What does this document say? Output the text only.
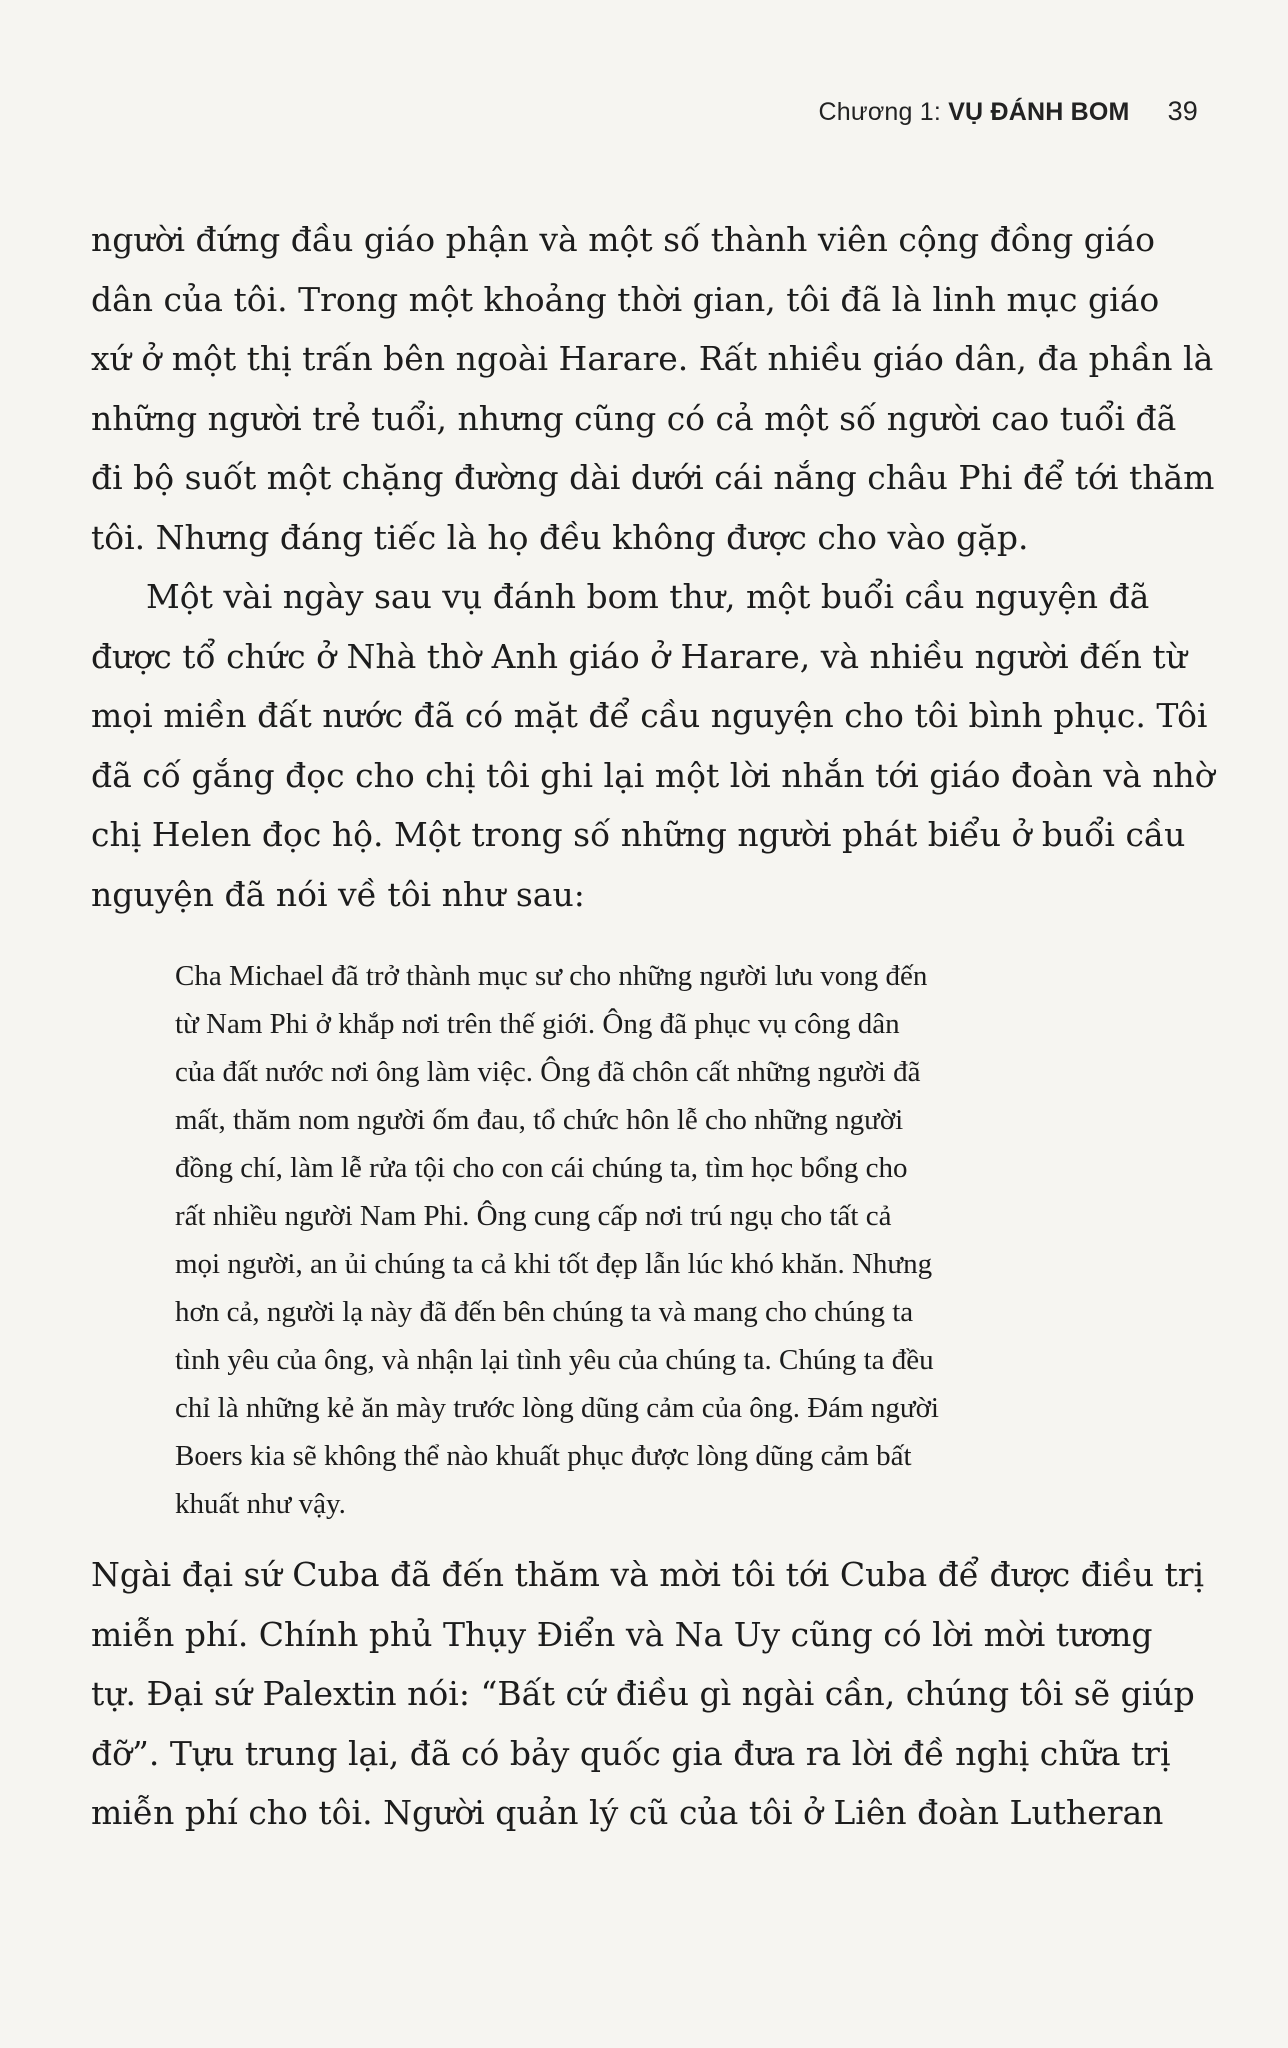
Chương 1: VỤ ĐÁNH BOM 39
người đứng đầu giáo phận và một số thành viên cộng đồng giáo
dân của tôi. Trong một khoảng thời gian, tôi đã là linh mục giáo
xứ ở một thị trấn bên ngoài Harare. Rất nhiều giáo dân, đa phần là
những người trẻ tuổi, nhưng cũng có cả một số người cao tuổi đã
đi bộ suốt một chặng đường dài dưới cái nắng châu Phi để tới thăm
tôi. Nhưng đáng tiếc là họ đều không được cho vào gặp.
Một vài ngày sau vụ đánh bom thư, một buổi cầu nguyện đã
được tổ chức ở Nhà thờ Anh giáo ở Harare, và nhiều người đến từ
mọi miền đất nước đã có mặt để cầu nguyện cho tôi bình phục. Tôi
đã cố gắng đọc cho chị tôi ghi lại một lời nhắn tới giáo đoàn và nhờ
chị Helen đọc hộ. Một trong số những người phát biểu ở buổi cầu
nguyện đã nói về tôi như sau:
Cha Michael đã trở thành mục sư cho những người lưu vong đến
từ Nam Phi ở khắp nơi trên thế giới. Ông đã phục vụ công dân
của đất nước nơi ông làm việc. Ông đã chôn cất những người đã
mất, thăm nom người ốm đau, tổ chức hôn lễ cho những người
đồng chí, làm lễ rửa tội cho con cái chúng ta, tìm học bổng cho
rất nhiều người Nam Phi. Ông cung cấp nơi trú ngụ cho tất cả
mọi người, an ủi chúng ta cả khi tốt đẹp lẫn lúc khó khăn. Nhưng
hơn cả, người lạ này đã đến bên chúng ta và mang cho chúng ta
tình yêu của ông, và nhận lại tình yêu của chúng ta. Chúng ta đều
chỉ là những kẻ ăn mày trước lòng dũng cảm của ông. Đám người
Boers kia sẽ không thể nào khuất phục được lòng dũng cảm bất
khuất như vậy.
Ngài đại sứ Cuba đã đến thăm và mời tôi tới Cuba để được điều trị
miễn phí. Chính phủ Thụy Điển và Na Uy cũng có lời mời tương
tự. Đại sứ Palextin nói: “Bất cứ điều gì ngài cần, chúng tôi sẽ giúp
đỡ”. Tựu trung lại, đã có bảy quốc gia đưa ra lời đề nghị chữa trị
miễn phí cho tôi. Người quản lý cũ của tôi ở Liên đoàn Lutheran
